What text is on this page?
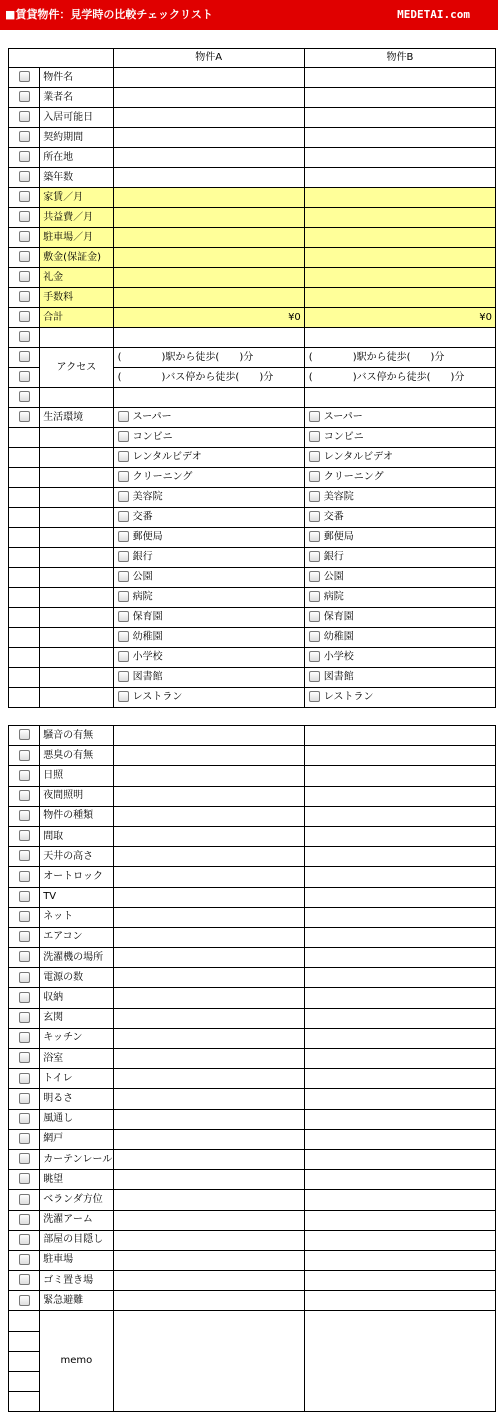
■賃貸物件：見学時の比較チェックリスト	MEDETAI.com
		物件A	物件B
	物件名		
	業者名		
	入居可能日		
	契約期間		
	所在地		
	築年数		
	家賃／月		
	共益費／月		
	駐車場／月		
	敷金(保証金)		
	礼金		
	手数料		
	合計	¥0	¥0

	アクセス	(　　　　)駅から徒歩(　　)分	(　　　　)駅から徒歩(　　)分
		(　　　　)バス停から徒歩(　　)分	(　　　　)バス停から徒歩(　　)分

	生活環境	スーパー	スーパー
		コンビニ	コンビニ
		レンタルビデオ	レンタルビデオ
		クリーニング	クリーニング
		美容院	美容院
		交番	交番
		郵便局	郵便局
		銀行	銀行
		公園	公園
		病院	病院
		保育園	保育園
		幼稚園	幼稚園
		小学校	小学校
		図書館	図書館
		レストラン	レストラン
	騒音の有無		
	悪臭の有無		
	日照		
	夜間照明		
	物件の種類		
	間取		
	天井の高さ		
	オートロック		
	TV		
	ネット		
	エアコン		
	洗濯機の場所		
	電源の数		
	収納		
	玄関		
	キッチン		
	浴室		
	トイレ		
	明るさ		
	風通し		
	網戸		
	カーテンレール		
	眺望		
	ベランダ方位		
	洗濯アーム		
	部屋の目隠し		
	駐車場		
	ゴミ置き場		
	緊急避難		
	memo		
